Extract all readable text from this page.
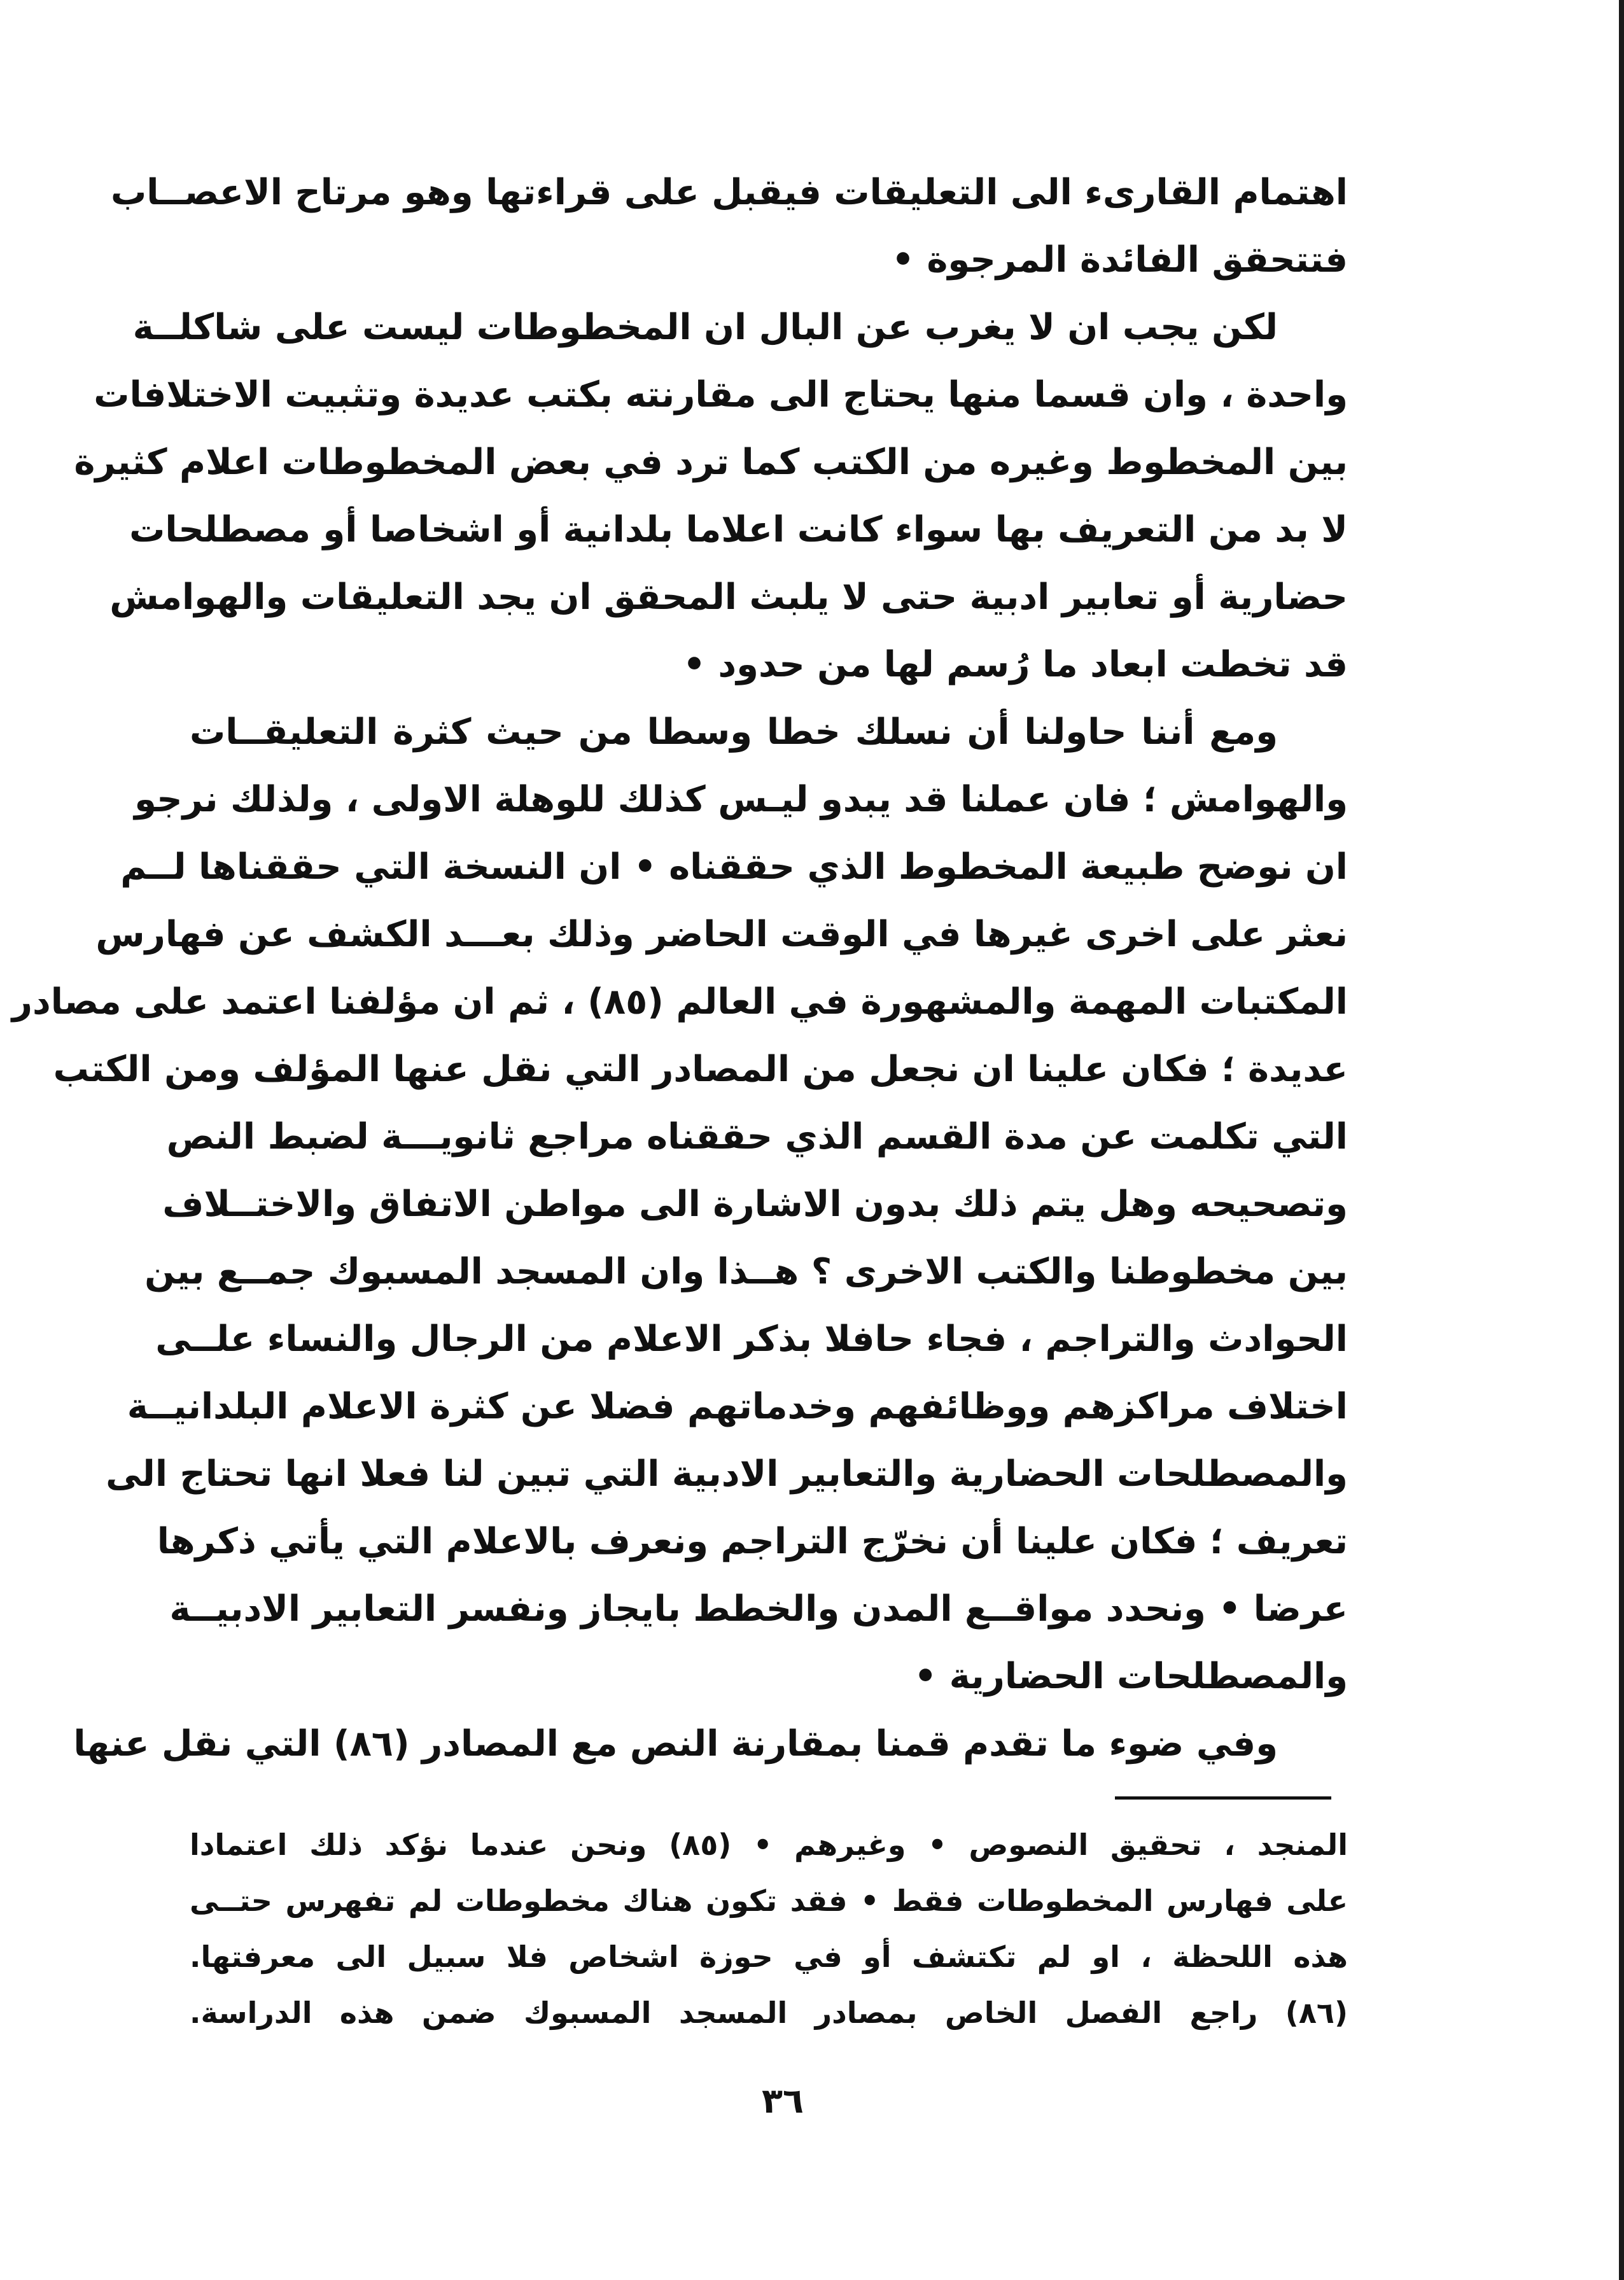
اهتمام القارىء الى التعليقات فيقبل على قراءتها وهو مرتاح الاعصــاب
فتتحقق الفائدة المرجوة •
لكن يجب ان لا يغرب عن البال ان المخطوطات ليست على شاكلــة
واحدة ، وان قسما منها يحتاج الى مقارنته بكتب عديدة وتثبيت الاختلافات
بين المخطوط وغيره من الكتب كما ترد في بعض المخطوطات اعلام كثيرة
لا بد من التعريف بها سواء كانت اعلاما بلدانية أو اشخاصا أو مصطلحات
حضارية أو تعابير ادبية حتى لا يلبث المحقق ان يجد التعليقات والهوامش
قد تخطت ابعاد ما رُسم لها من حدود •
ومع أننا حاولنا أن نسلك خطا وسطا من حيث كثرة التعليقــات
والهوامش ؛ فان عملنا قد يبدو ليـس كذلك للوهلة الاولى ، ولذلك نرجو
ان نوضح طبيعة المخطوط الذي حققناه • ان النسخة التي حققناها لــم
نعثر على اخرى غيرها في الوقت الحاضر وذلك بعـــد الكشف عن فهارس
المكتبات المهمة والمشهورة في العالم (٨٥) ، ثم ان مؤلفنا اعتمد على مصادر
عديدة ؛ فكان علينا ان نجعل من المصادر التي نقل عنها المؤلف ومن الكتب
التي تكلمت عن مدة القسم الذي حققناه مراجع ثانويـــة لضبط النص
وتصحيحه وهل يتم ذلك بدون الاشارة الى مواطن الاتفاق والاختــلاف
بين مخطوطنا والكتب الاخرى ؟ هــذا وان المسجد المسبوك جمــع بين
الحوادث والتراجم ، فجاء حافلا بذكر الاعلام من الرجال والنساء علــى
اختلاف مراكزهم ووظائفهم وخدماتهم فضلا عن كثرة الاعلام البلدانيــة
والمصطلحات الحضارية والتعابير الادبية التي تبين لنا فعلا انها تحتاج الى
تعريف ؛ فكان علينا أن نخرّج التراجم ونعرف بالاعلام التي يأتي ذكرها
عرضا • ونحدد مواقــع المدن والخطط بايجاز ونفسر التعابير الادبيــة
والمصطلحات الحضارية •
وفي ضوء ما تقدم قمنا بمقارنة النص مع المصادر (٨٦) التي نقل عنها
المنجد ، تحقيق النصوص • وغيرهم • (٨٥) ونحن عندما نؤكد ذلك اعتمادا
على فهارس المخطوطات فقط • فقد تكون هناك مخطوطات لم تفهرس حتــى
هذه اللحظة ، او لم تكتشف أو في حوزة اشخاص فلا سبيل الى معرفتها.
(٨٦) راجع الفصل الخاص بمصادر المسجد المسبوك ضمن هذه الدراسة.
٣٦
